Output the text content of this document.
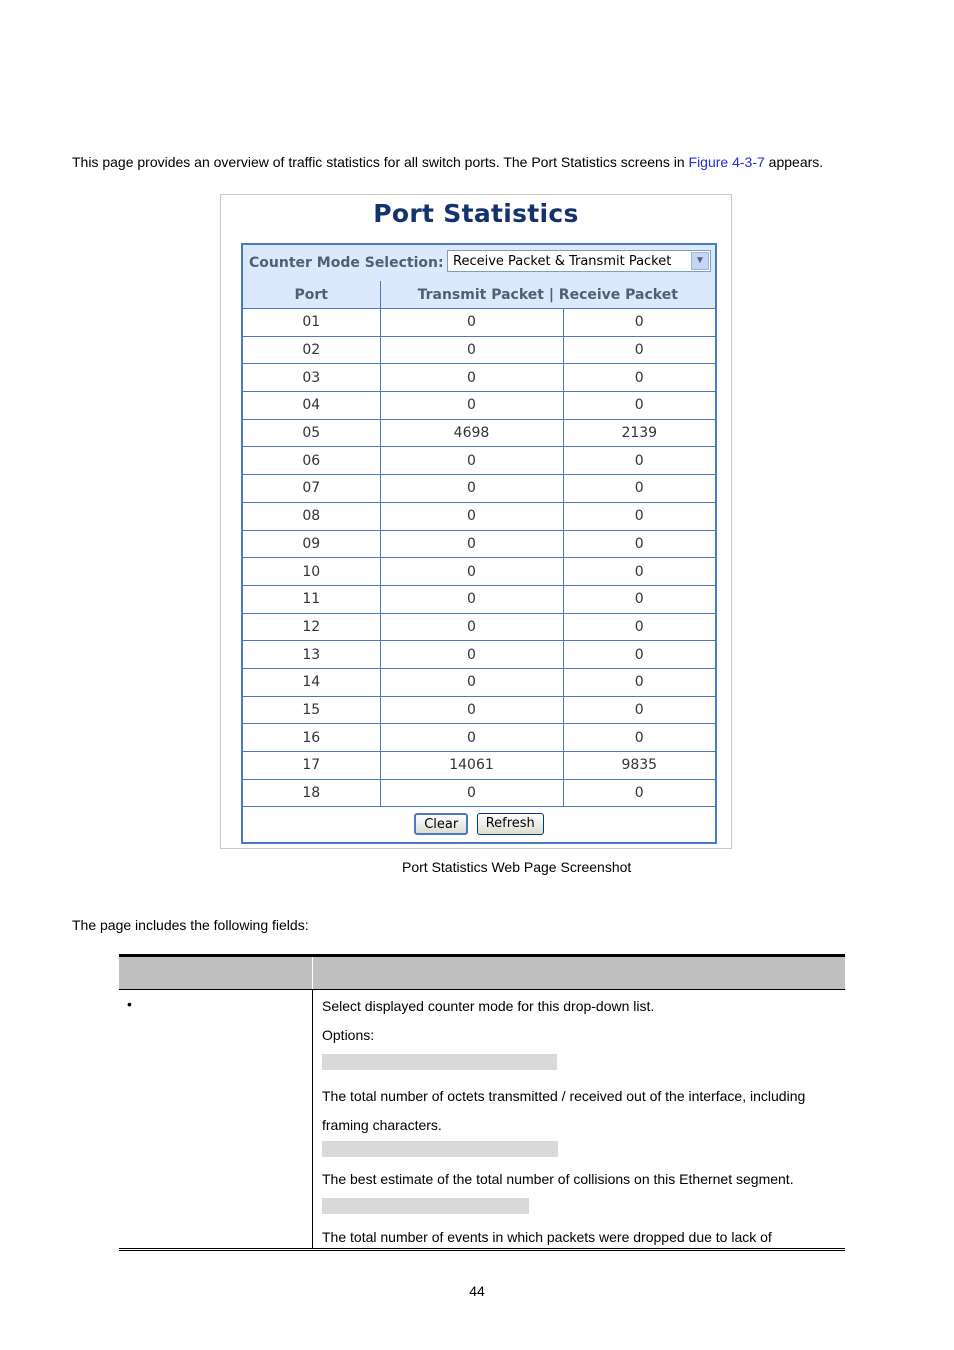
This page provides an overview of traffic statistics for all switch ports. The Port Statistics screens in Figure 4-3-7 appears.
Port Statistics
Counter Mode Selection: Receive Packet & Transmit Packet	▼
Port	Transmit Packet | Receive Packet	
01	0	0
02	0	0
03	0	0
04	0	0
05	4698	2139
06	0	0
07	0	0
08	0	0
09	0	0
10	0	0
11	0	0
12	0	0
13	0	0
14	0	0
15	0	0
16	0	0
17	14061	9835
18	0	0
Clear Refresh		
Port Statistics Web Page Screenshot
The page includes the following fields:
•	Select displayed counter mode for this drop-down list.
Options:
The total number of octets transmitted / received out of the interface, including framing characters.
The best estimate of the total number of collisions on this Ethernet segment.
The total number of events in which packets were dropped due to lack of
44
